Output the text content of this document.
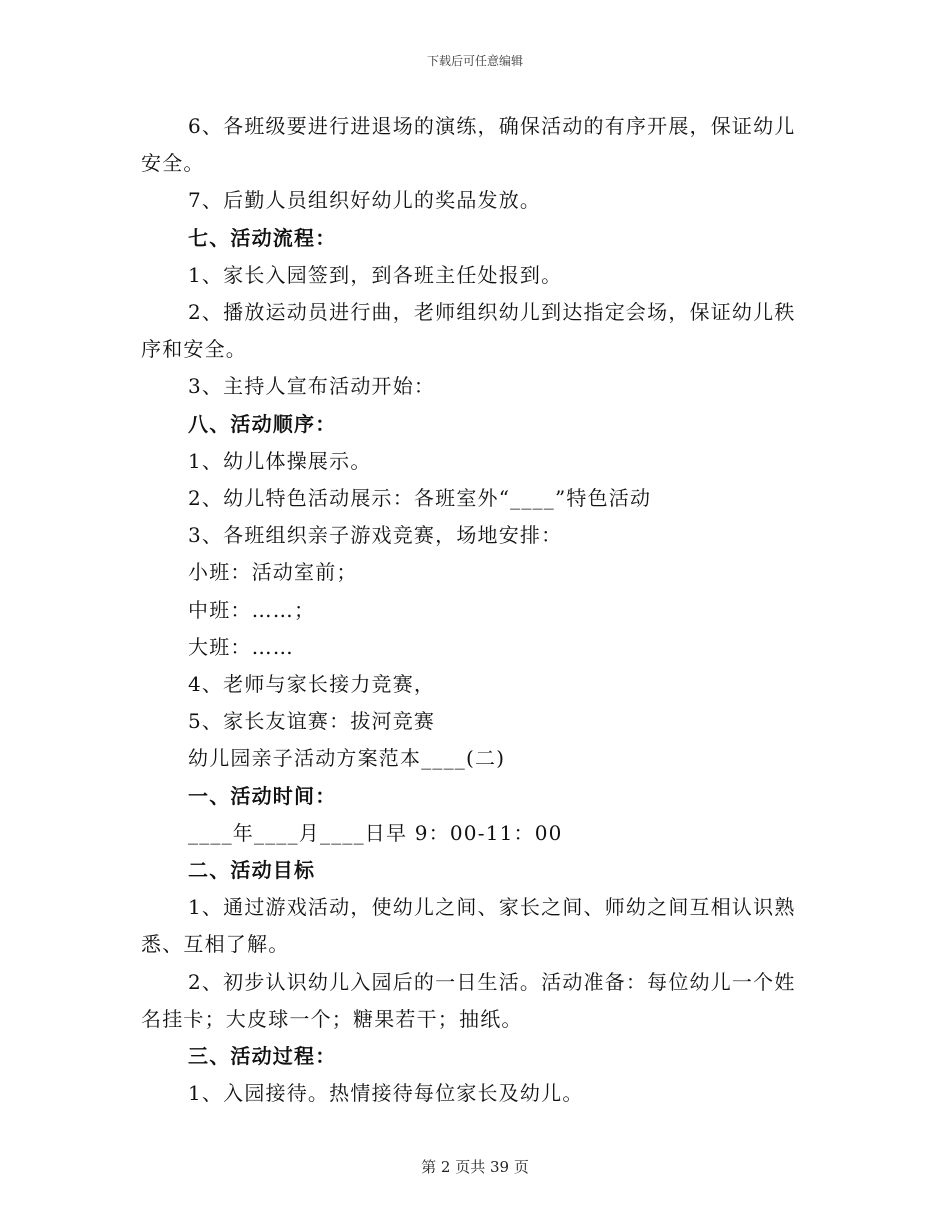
下载后可任意编辑
6、各班级要进行进退场的演练，确保活动的有序开展，保证幼儿
安全。
7、后勤人员组织好幼儿的奖品发放。
七、活动流程：
1、家长入园签到，到各班主任处报到。
2、播放运动员进行曲，老师组织幼儿到达指定会场，保证幼儿秩
序和安全。
3、主持人宣布活动开始：
八、活动顺序：
1、幼儿体操展示。
2、幼儿特色活动展示：各班室外“____”特色活动
3、各班组织亲子游戏竞赛，场地安排：
小班：活动室前；
中班：……；
大班：……
4、老师与家长接力竞赛，
5、家长友谊赛：拔河竞赛
幼儿园亲子活动方案范本____(二)
一、活动时间：
____年____月____日早 9：00-11：00
二、活动目标
1、通过游戏活动，使幼儿之间、家长之间、师幼之间互相认识熟
悉、互相了解。
2、初步认识幼儿入园后的一日生活。活动准备：每位幼儿一个姓
名挂卡；大皮球一个；糖果若干；抽纸。
三、活动过程：
1、入园接待。热情接待每位家长及幼儿。
第 2 页共 39 页
